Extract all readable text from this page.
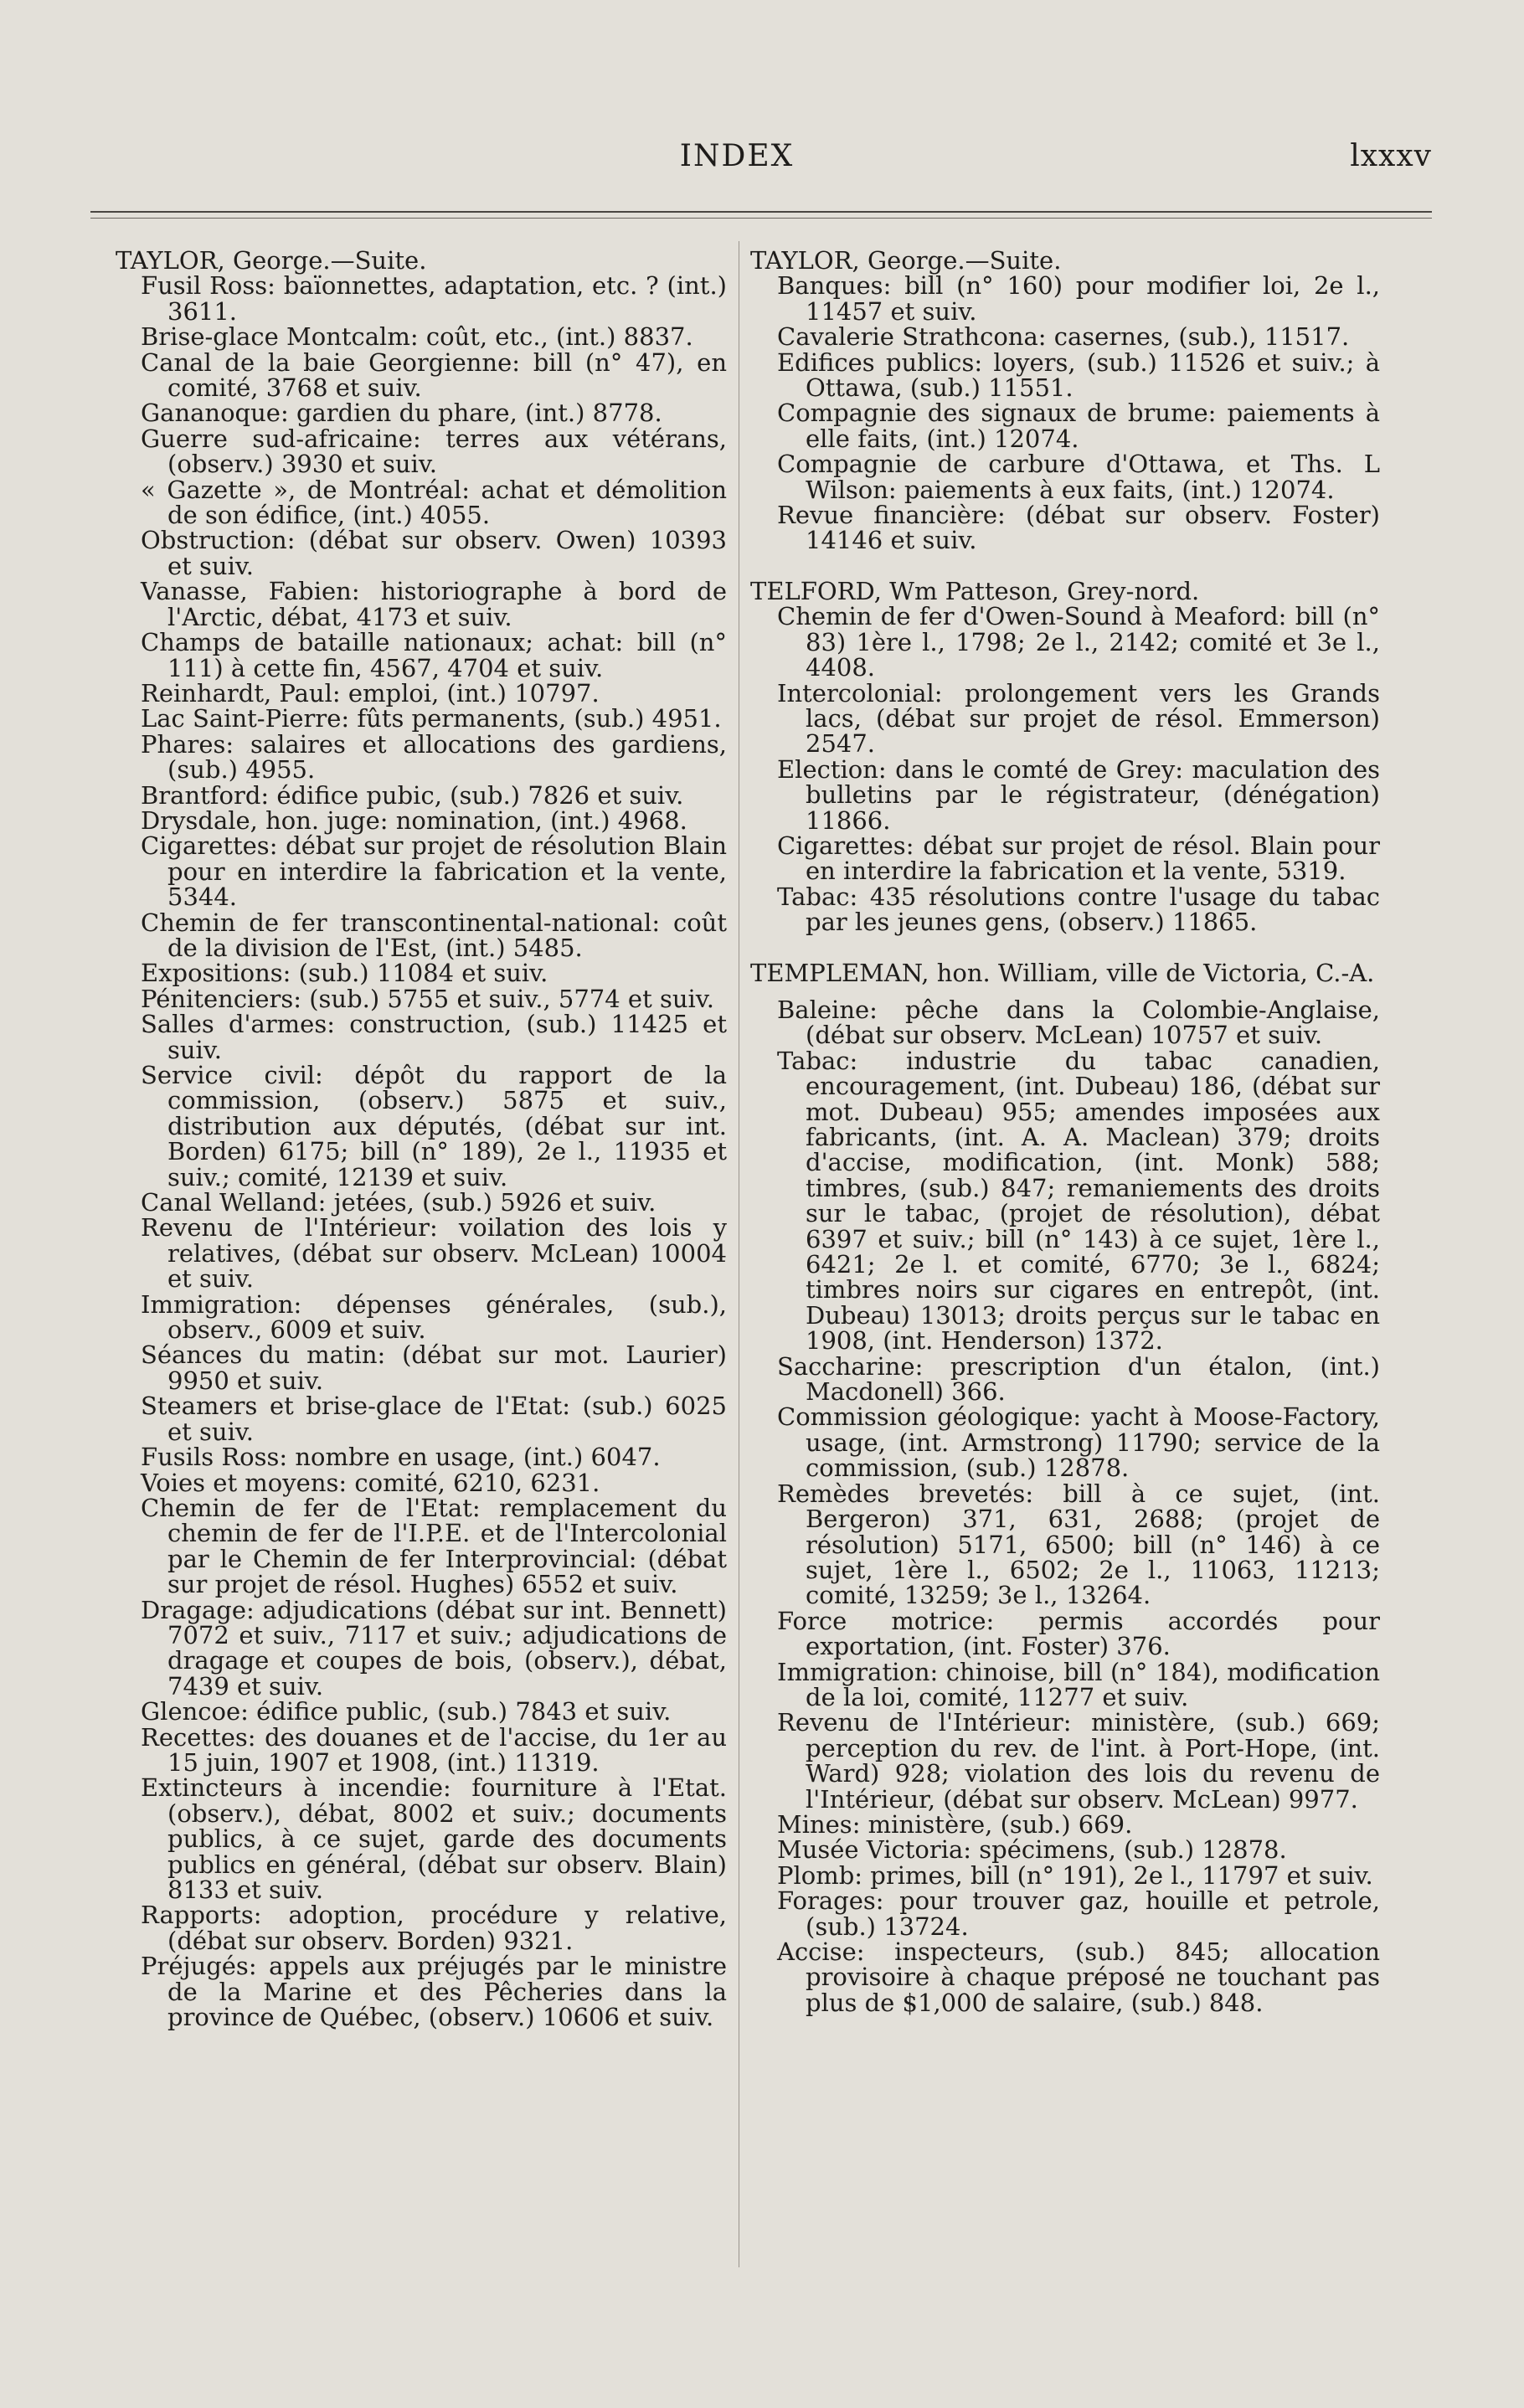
INDEX	lxxxv

TAYLOR, George.—Suite.

Fusil Ross: baïonnettes, adaptation, etc. ? (int.) 3611.

Brise-glace Montcalm: coût, etc., (int.) 8837.

Canal de la baie Georgienne: bill (n° 47), en comité, 3768 et suiv.

Gananoque: gardien du phare, (int.) 8778.

Guerre sud-africaine: terres aux vétérans, (observ.) 3930 et suiv.

« Gazette », de Montréal: achat et démolition de son édifice, (int.) 4055.

Obstruction: (débat sur observ. Owen) 10393 et suiv.

Vanasse, Fabien: historiographe à bord de l'Arctic, débat, 4173 et suiv.

Champs de bataille nationaux; achat: bill (n° 111) à cette fin, 4567, 4704 et suiv.

Reinhardt, Paul: emploi, (int.) 10797.

Lac Saint-Pierre: fûts permanents, (sub.) 4951.

Phares: salaires et allocations des gardiens, (sub.) 4955.

Brantford: édifice pubic, (sub.) 7826 et suiv.

Drysdale, hon. juge: nomination, (int.) 4968.

Cigarettes: débat sur projet de résolution Blain pour en interdire la fabrication et la vente, 5344.

Chemin de fer transcontinental-national: coût de la division de l'Est, (int.) 5485.

Expositions: (sub.) 11084 et suiv.

Pénitenciers: (sub.) 5755 et suiv., 5774 et suiv.

Salles d'armes: construction, (sub.) 11425 et suiv.

Service civil: dépôt du rapport de la commission, (observ.) 5875 et suiv., distribution aux députés, (débat sur int. Borden) 6175; bill (n° 189), 2e l., 11935 et suiv.; comité, 12139 et suiv.

Canal Welland: jetées, (sub.) 5926 et suiv.

Revenu de l'Intérieur: voilation des lois y relatives, (débat sur observ. McLean) 10004 et suiv.

Immigration: dépenses générales, (sub.), observ., 6009 et suiv.

Séances du matin: (débat sur mot. Laurier) 9950 et suiv.

Steamers et brise-glace de l'Etat: (sub.) 6025 et suiv.

Fusils Ross: nombre en usage, (int.) 6047.

Voies et moyens: comité, 6210, 6231.

Chemin de fer de l'Etat: remplacement du chemin de fer de l'I.P.E. et de l'Intercolonial par le Chemin de fer Interprovincial: (débat sur projet de résol. Hughes) 6552 et suiv.

Dragage: adjudications (débat sur int. Bennett) 7072 et suiv., 7117 et suiv.; adjudications de dragage et coupes de bois, (observ.), débat, 7439 et suiv.

Glencoe: édifice public, (sub.) 7843 et suiv.

Recettes: des douanes et de l'accise, du 1er au 15 juin, 1907 et 1908, (int.) 11319.

Extincteurs à incendie: fourniture à l'Etat. (observ.), débat, 8002 et suiv.; documents publics, à ce sujet, garde des documents publics en général, (débat sur observ. Blain) 8133 et suiv.

Rapports: adoption, procédure y relative, (débat sur observ. Borden) 9321.

Préjugés: appels aux préjugés par le ministre de la Marine et des Pêcheries dans la province de Québec, (observ.) 10606 et suiv.

TAYLOR, George.—Suite.

Banques: bill (n° 160) pour modifier loi, 2e l., 11457 et suiv.

Cavalerie Strathcona: casernes, (sub.), 11517.

Edifices publics: loyers, (sub.) 11526 et suiv.; à Ottawa, (sub.) 11551.

Compagnie des signaux de brume: paiements à elle faits, (int.) 12074.

Compagnie de carbure d'Ottawa, et Ths. L Wilson: paiements à eux faits, (int.) 12074.

Revue financière: (débat sur observ. Foster) 14146 et suiv.

TELFORD, Wm Patteson, Grey-nord.

Chemin de fer d'Owen-Sound à Meaford: bill (n° 83) 1ère l., 1798; 2e l., 2142; comité et 3e l., 4408.

Intercolonial: prolongement vers les Grands lacs, (débat sur projet de résol. Emmerson) 2547.

Election: dans le comté de Grey: maculation des bulletins par le régistrateur, (dénégation) 11866.

Cigarettes: débat sur projet de résol. Blain pour en interdire la fabrication et la vente, 5319.

Tabac: 435 résolutions contre l'usage du tabac par les jeunes gens, (observ.) 11865.

TEMPLEMAN, hon. William, ville de Victoria, C.-A.

Baleine: pêche dans la Colombie-Anglaise, (débat sur observ. McLean) 10757 et suiv.

Tabac: industrie du tabac canadien, encouragement, (int. Dubeau) 186, (débat sur mot. Dubeau) 955; amendes imposées aux fabricants, (int. A. A. Maclean) 379; droits d'accise, modification, (int. Monk) 588; timbres, (sub.) 847; remaniements des droits sur le tabac, (projet de résolution), débat 6397 et suiv.; bill (n° 143) à ce sujet, 1ère l., 6421; 2e l. et comité, 6770; 3e l., 6824; timbres noirs sur cigares en entrepôt, (int. Dubeau) 13013; droits perçus sur le tabac en 1908, (int. Henderson) 1372.

Saccharine: prescription d'un étalon, (int.) Macdonell) 366.

Commission géologique: yacht à Moose-Factory, usage, (int. Armstrong) 11790; service de la commission, (sub.) 12878.

Remèdes brevetés: bill à ce sujet, (int. Bergeron) 371, 631, 2688; (projet de résolution) 5171, 6500; bill (n° 146) à ce sujet, 1ère l., 6502; 2e l., 11063, 11213; comité, 13259; 3e l., 13264.

Force motrice: permis accordés pour exportation, (int. Foster) 376.

Immigration: chinoise, bill (n° 184), modification de la loi, comité, 11277 et suiv.

Revenu de l'Intérieur: ministère, (sub.) 669; perception du rev. de l'int. à Port-Hope, (int. Ward) 928; violation des lois du revenu de l'Intérieur, (débat sur observ. McLean) 9977.

Mines: ministère, (sub.) 669.

Musée Victoria: spécimens, (sub.) 12878.

Plomb: primes, bill (n° 191), 2e l., 11797 et suiv.

Forages: pour trouver gaz, houille et petrole, (sub.) 13724.

Accise: inspecteurs, (sub.) 845; allocation provisoire à chaque préposé ne touchant pas plus de $1,000 de salaire, (sub.) 848.
